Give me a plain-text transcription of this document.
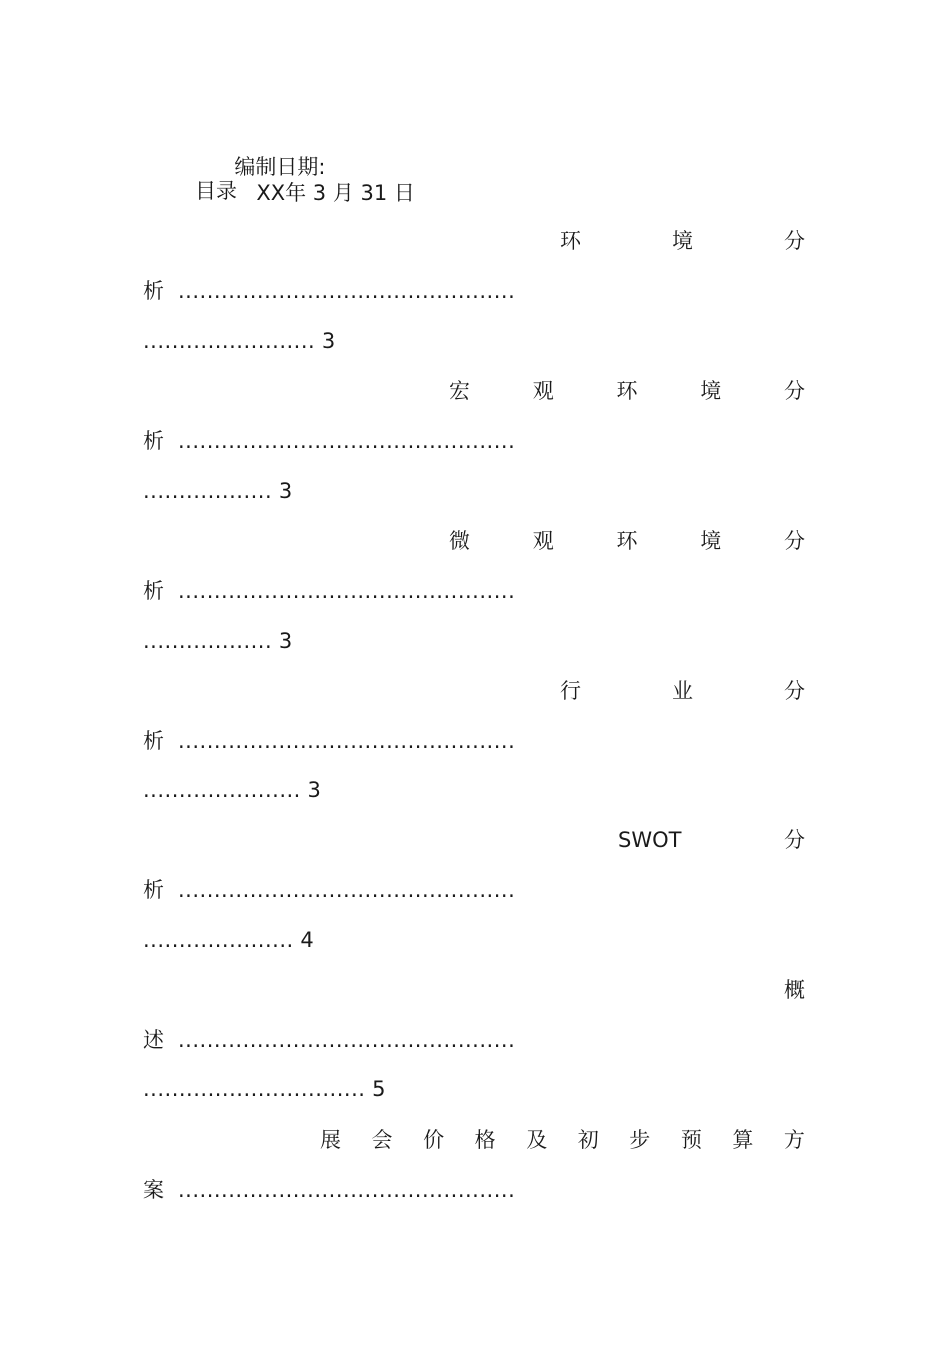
编制日期:
XX年 3 月 31 日

目录
环	境	分
析 ...............................................
........................ 3
宏	观	环	境	分
析 ...............................................
.................. 3
微	观	环	境	分
析 ...............................................
.................. 3
行	业	分
析 ...............................................
...................... 3
SWOT	分
析 ...............................................
..................... 4
概
述 ...............................................
............................... 5
展 会 价 格 及 初 步 预 算 方
案 ...............................................
